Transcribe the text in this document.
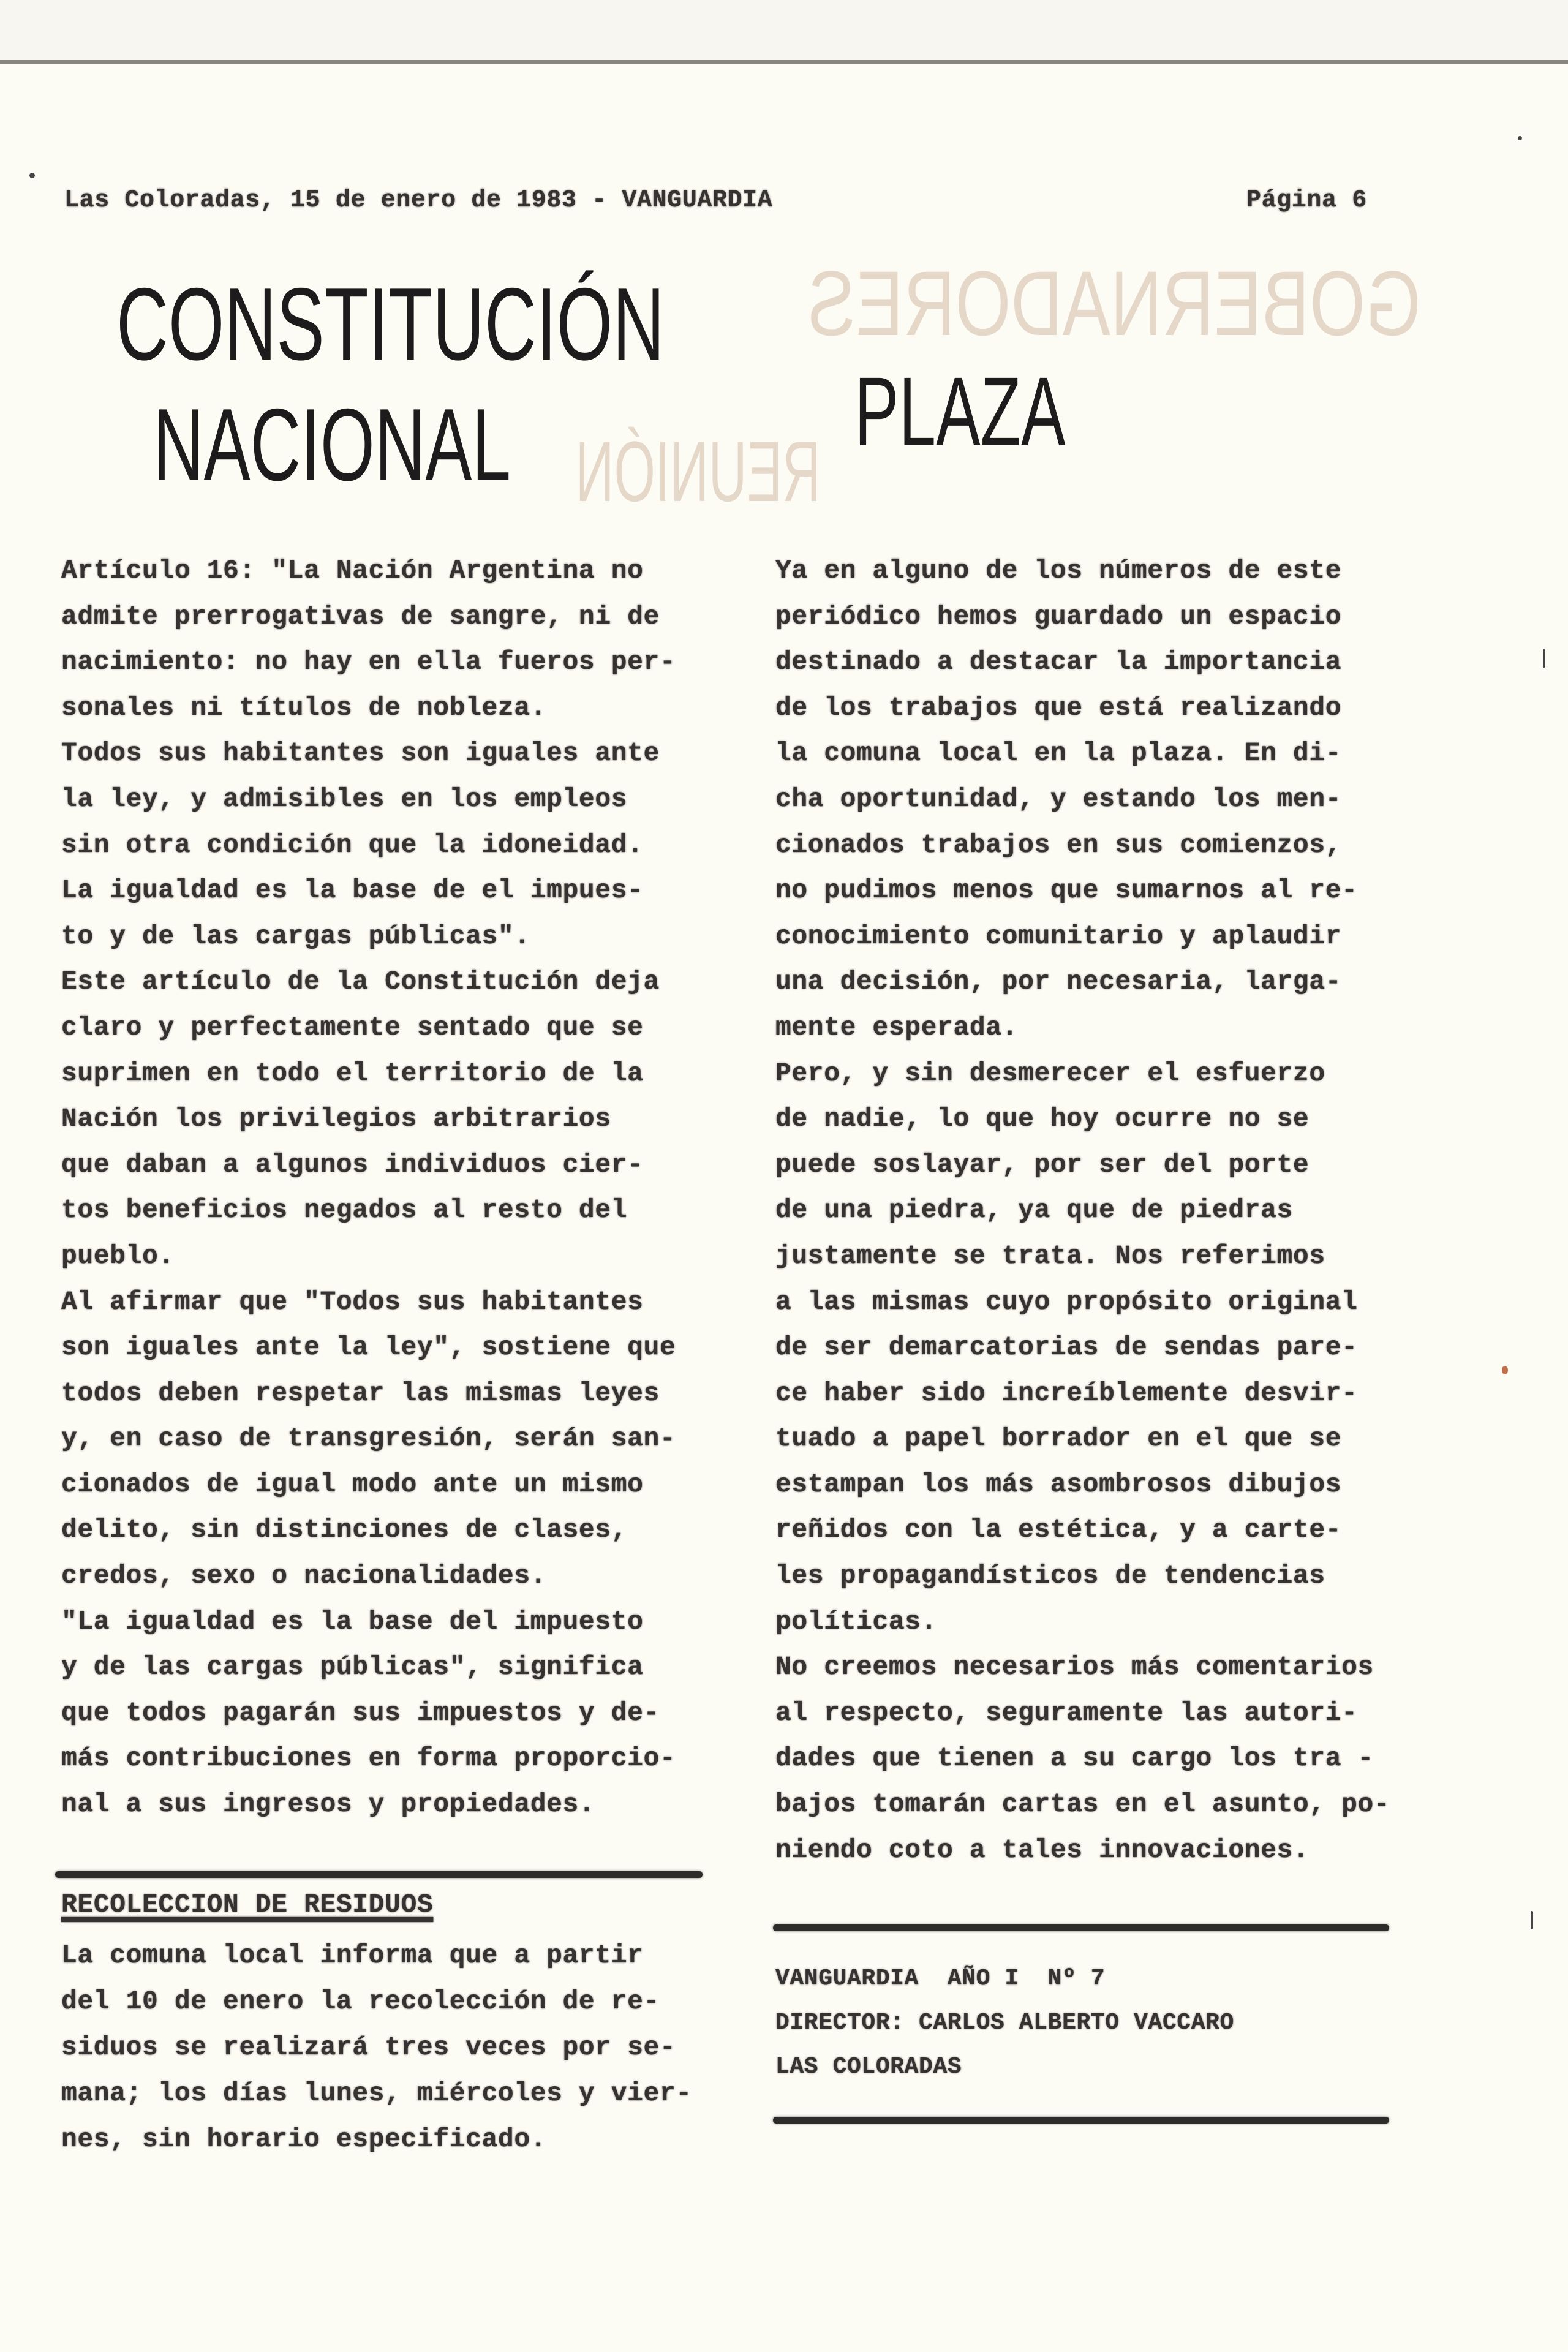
Las Coloradas, 15 de enero de 1983 - VANGUARDIA	Página 6
GOBERNADORES
REUNIÓN
CONSTITUCIÓN
NACIONAL	PLAZA
Artículo 16: "La Nación Argentina no
admite prerrogativas de sangre, ni de
nacimiento: no hay en ella fueros per-
sonales ni títulos de nobleza.
Todos sus habitantes son iguales ante
la ley, y admisibles en los empleos
sin otra condición que la idoneidad.
La igualdad es la base de el impues-
to y de las cargas públicas".
Este artículo de la Constitución deja
claro y perfectamente sentado que se
suprimen en todo el territorio de la
Nación los privilegios arbitrarios
que daban a algunos individuos cier-
tos beneficios negados al resto del
pueblo.
Al afirmar que "Todos sus habitantes
son iguales ante la ley", sostiene que
todos deben respetar las mismas leyes
y, en caso de transgresión, serán san-
cionados de igual modo ante un mismo
delito, sin distinciones de clases,
credos, sexo o nacionalidades.
"La igualdad es la base del impuesto
y de las cargas públicas", significa
que todos pagarán sus impuestos y de-
más contribuciones en forma proporcio-
nal a sus ingresos y propiedades.
RECOLECCION DE RESIDUOS
La comuna local informa que a partir
del 10 de enero la recolección de re-
siduos se realizará tres veces por se-
mana; los días lunes, miércoles y vier-
nes, sin horario especificado.
Ya en alguno de los números de este
periódico hemos guardado un espacio
destinado a destacar la importancia
de los trabajos que está realizando
la comuna local en la plaza. En di-
cha oportunidad, y estando los men-
cionados trabajos en sus comienzos,
no pudimos menos que sumarnos al re-
conocimiento comunitario y aplaudir
una decisión, por necesaria, larga-
mente esperada.
Pero, y sin desmerecer el esfuerzo
de nadie, lo que hoy ocurre no se
puede soslayar, por ser del porte
de una piedra, ya que de piedras
justamente se trata. Nos referimos
a las mismas cuyo propósito original
de ser demarcatorias de sendas pare-
ce haber sido increíblemente desvir-
tuado a papel borrador en el que se
estampan los más asombrosos dibujos
reñidos con la estética, y a carte-
les propagandísticos de tendencias
políticas.
No creemos necesarios más comentarios
al respecto, seguramente las autori-
dades que tienen a su cargo los tra -
bajos tomarán cartas en el asunto, po-
niendo coto a tales innovaciones.
VANGUARDIA  AÑO I  Nº 7
DIRECTOR: CARLOS ALBERTO VACCARO
LAS COLORADAS
